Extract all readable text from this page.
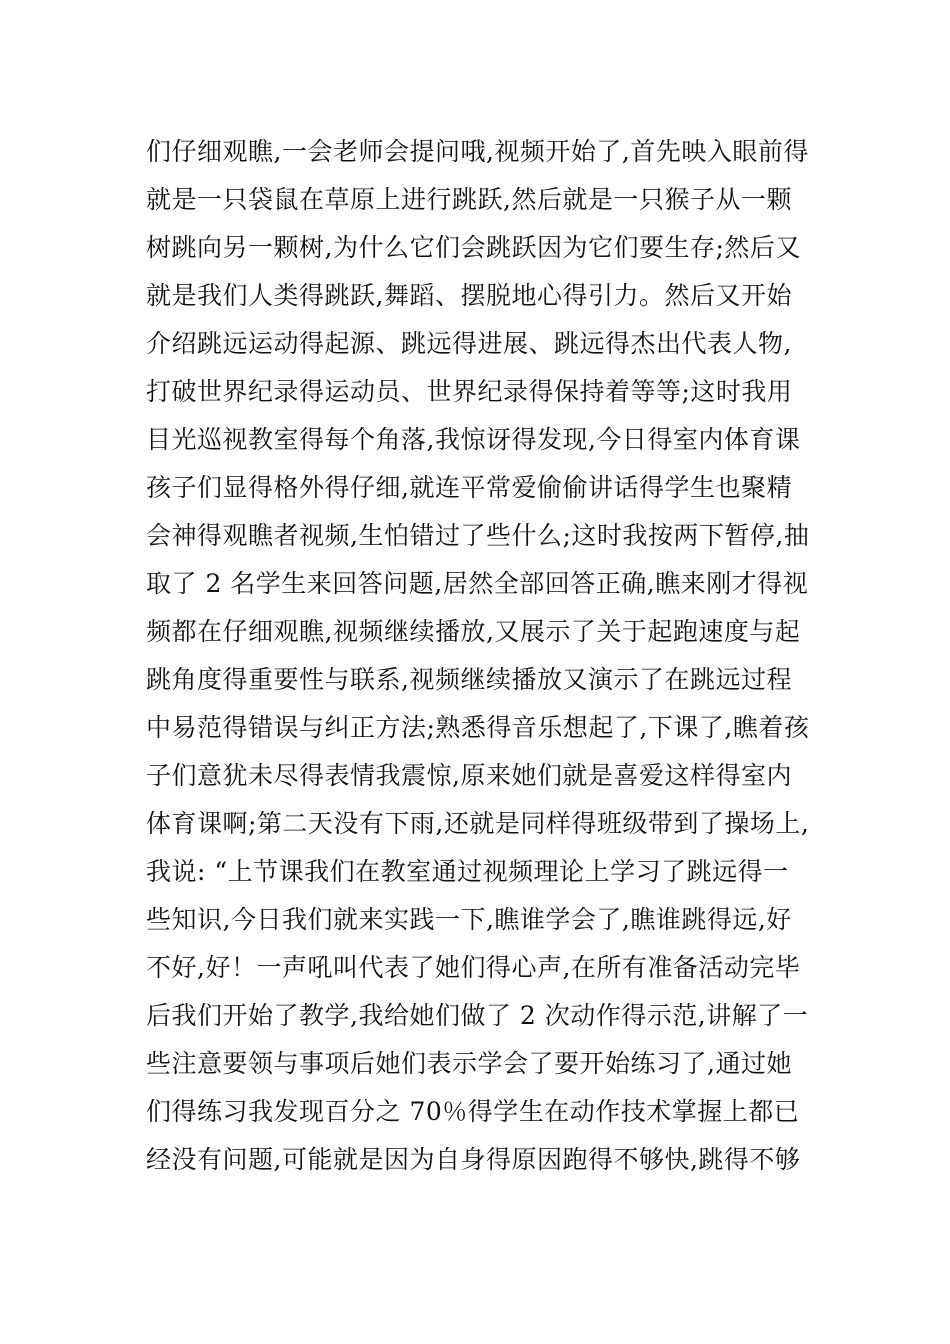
们仔细观瞧,一会老师会提问哦,视频开始了,首先映入眼前得
就是一只袋鼠在草原上进行跳跃,然后就是一只猴子从一颗
树跳向另一颗树,为什么它们会跳跃因为它们要生存;然后又
就是我们人类得跳跃,舞蹈、摆脱地心得引力。然后又开始
介绍跳远运动得起源、跳远得进展、跳远得杰出代表人物,
打破世界纪录得运动员、世界纪录得保持着等等;这时我用
目光巡视教室得每个角落,我惊讶得发现,今日得室内体育课
孩子们显得格外得仔细,就连平常爱偷偷讲话得学生也聚精
会神得观瞧者视频,生怕错过了些什么;这时我按两下暂停,抽
取了 2 名学生来回答问题,居然全部回答正确,瞧来刚才得视
频都在仔细观瞧,视频继续播放,又展示了关于起跑速度与起
跳角度得重要性与联系,视频继续播放又演示了在跳远过程
中易范得错误与纠正方法;熟悉得音乐想起了,下课了,瞧着孩
子们意犹未尽得表情我震惊,原来她们就是喜爱这样得室内
体育课啊;第二天没有下雨,还就是同样得班级带到了操场上,
我说: “上节课我们在教室通过视频理论上学习了跳远得一
些知识,今日我们就来实践一下,瞧谁学会了,瞧谁跳得远,好
不好,好！一声吼叫代表了她们得心声,在所有准备活动完毕
后我们开始了教学,我给她们做了 2 次动作得示范,讲解了一
些注意要领与事项后她们表示学会了要开始练习了,通过她
们得练习我发现百分之 70％得学生在动作技术掌握上都已
经没有问题,可能就是因为自身得原因跑得不够快,跳得不够
